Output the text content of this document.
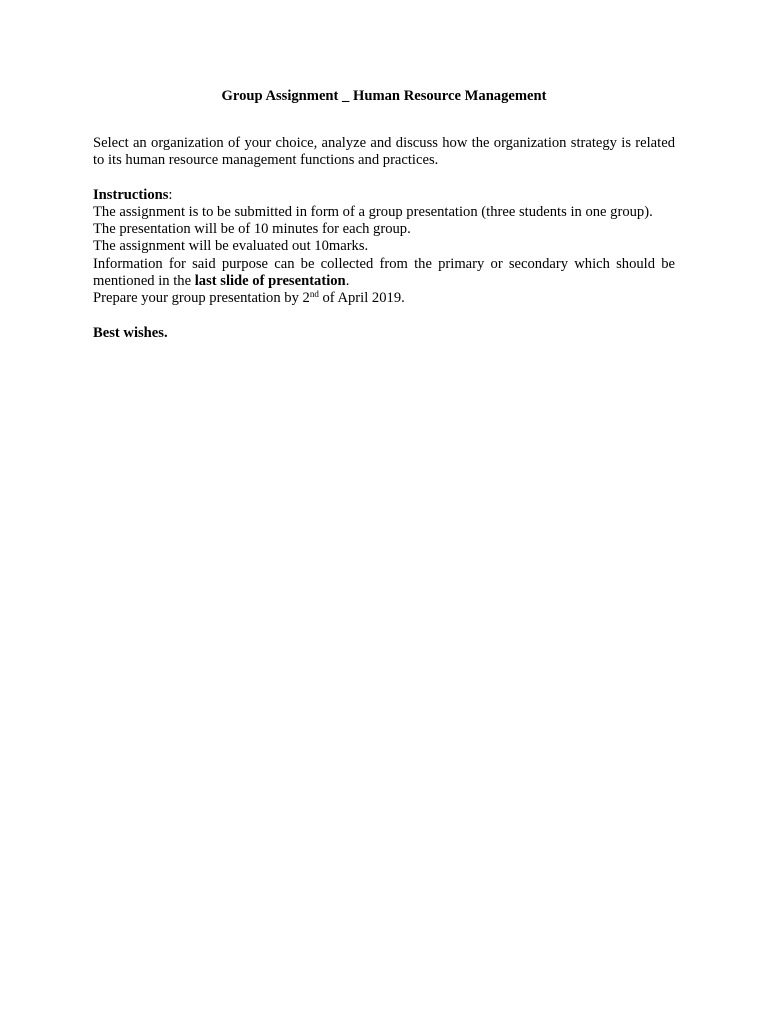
Group Assignment _ Human Resource Management

Select an organization of your choice, analyze and discuss how the organization strategy is related to its human resource management functions and practices.

Instructions:

The assignment is to be submitted in form of a group presentation (three students in one group).

The presentation will be of 10 minutes for each group.

The assignment will be evaluated out 10marks.

Information for said purpose can be collected from the primary or secondary which should be mentioned in the last slide of presentation.

Prepare your group presentation by 2nd of April 2019.

Best wishes.
